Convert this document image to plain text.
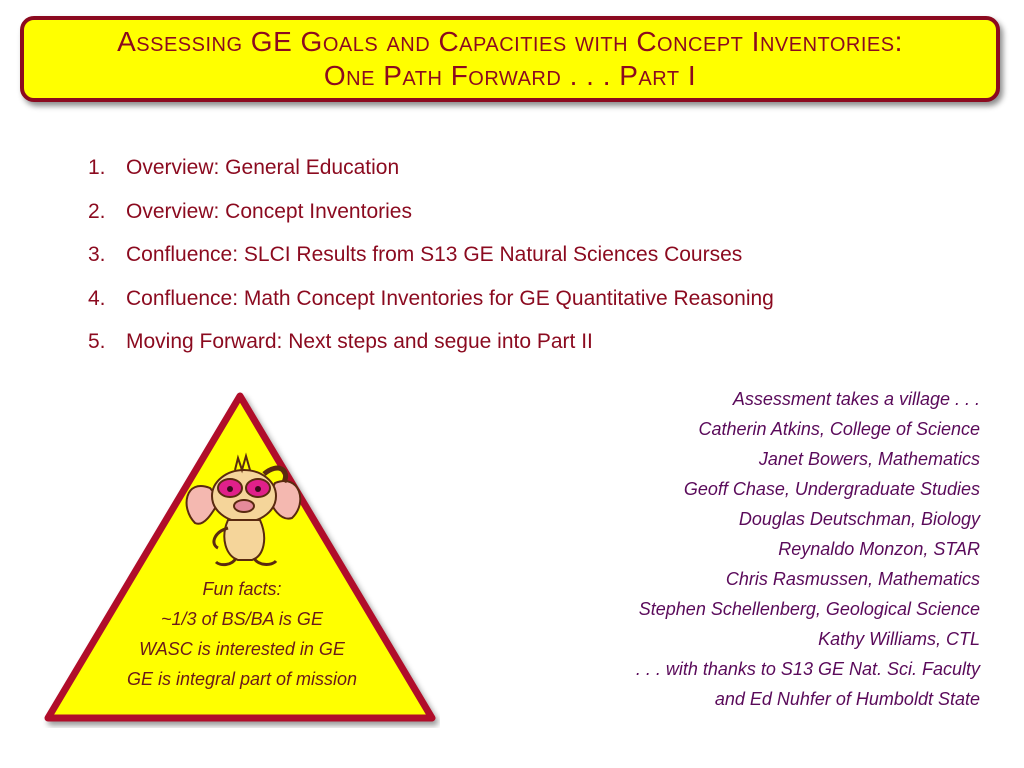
Assessing GE Goals and Capacities with Concept Inventories:
One Path Forward . . . Part I
1. Overview: General Education
2. Overview: Concept Inventories
3. Confluence: SLCI Results from S13 GE Natural Sciences Courses
4. Confluence: Math Concept Inventories for GE Quantitative Reasoning
5. Moving Forward: Next steps and segue into Part II
Fun facts:
~1/3 of BS/BA is GE
WASC is interested in GE
GE is integral part of mission
Assessment takes a village . . .
Catherin Atkins, College of Science
Janet Bowers, Mathematics
Geoff Chase, Undergraduate Studies
Douglas Deutschman, Biology
Reynaldo Monzon, STAR
Chris Rasmussen, Mathematics
Stephen Schellenberg, Geological Science
Kathy Williams, CTL
. . . with thanks to S13 GE Nat. Sci. Faculty
and Ed Nuhfer of Humboldt State
